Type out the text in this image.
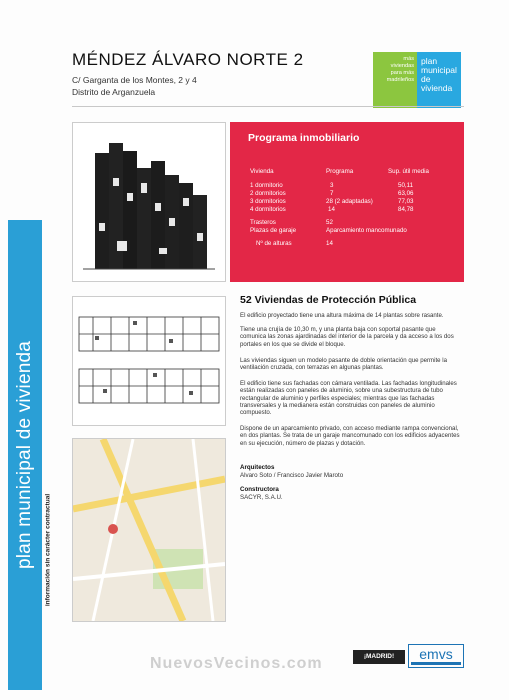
plan municipal de vivienda información sin carácter contractual
MÉNDEZ ÁLVARO NORTE 2
C/ Garganta de los Montes, 2 y 4
Distrito de Arganzuela
más
viviendas
para más
madrileños
plan
municipal
de
vivienda
Programa inmobiliario
Vivienda	Programa	Sup. útil media
1 dormitorio	3	50,11
2 dormitorios	7	63,06
3 dormitorios	28 (2 adaptadas)	77,03
4 dormitorios	14	84,78
Trasteros	52
Plazas de garaje	Aparcamiento mancomunado
Nº de alturas	14
52 Viviendas de Protección Pública
El edificio proyectado tiene una altura máxima de 14 plantas sobre rasante.
Tiene una crujía de 10,30 m, y una planta baja con soportal pasante que comunica las zonas ajardinadas del interior de la parcela y da acceso a los dos portales en los que se divide el bloque.
Las viviendas siguen un modelo pasante de doble orientación que permite la ventilación cruzada, con terrazas en algunas plantas.
El edificio tiene sus fachadas con cámara ventilada. Las fachadas longitudinales están realizadas con paneles de aluminio, sobre una subestructura de tubo rectangular de aluminio y perfiles especiales; mientras que las fachadas transversales y la medianera están construidas con paneles de aluminio compuesto.
Dispone de un aparcamiento privado, con acceso mediante rampa convencional, en dos plantas. Se trata de un garaje mancomunado con los edificios adyacentes en su ejecución, número de plazas y dotación.
Arquitectos
Alvaro Soto / Francisco Javier Maroto
Constructora
SACYR, S.A.U.
¡MADRID!	emvs
NuevosVecinos.com
